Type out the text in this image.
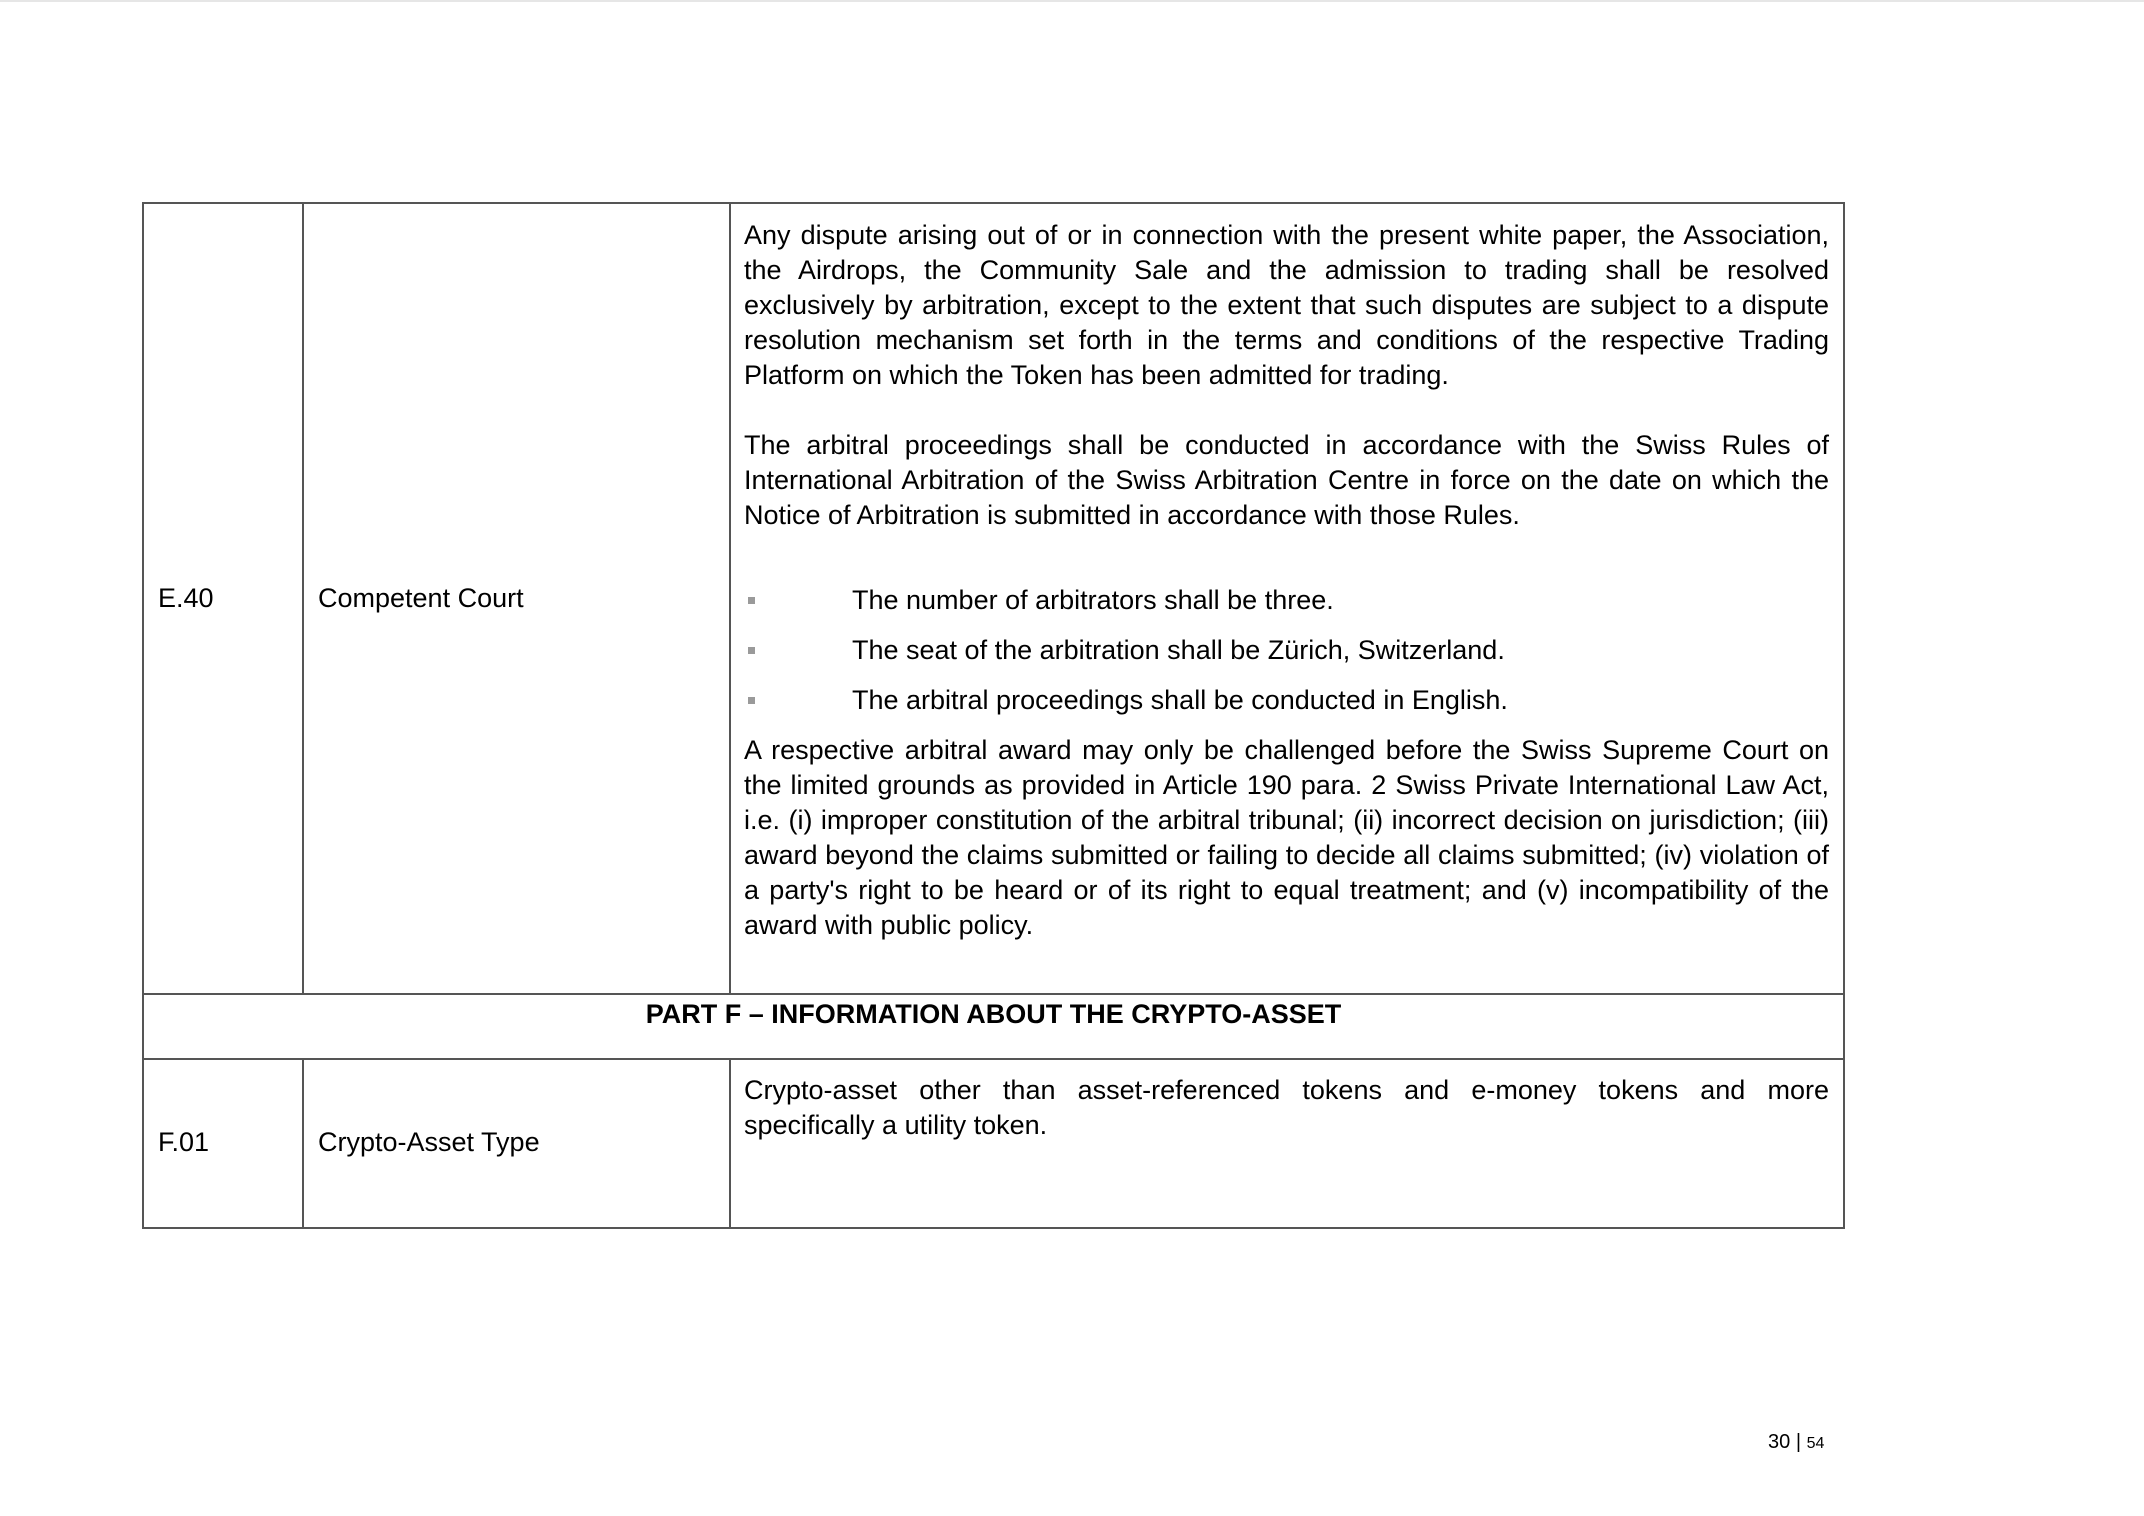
E.40	Competent Court
Any dispute arising out of or in connection with the present white paper, the Association, the Airdrops, the Community Sale and the admission to trading shall be resolved exclusively by arbitration, except to the extent that such disputes are subject to a dispute resolution mechanism set forth in the terms and conditions of the respective Trading Platform on which the Token has been admitted for trading.
The arbitral proceedings shall be conducted in accordance with the Swiss Rules of International Arbitration of the Swiss Arbitration Centre in force on the date on which the Notice of Arbitration is submitted in accordance with those Rules.
The number of arbitrators shall be three.
The seat of the arbitration shall be Zürich, Switzerland.
The arbitral proceedings shall be conducted in English.
A respective arbitral award may only be challenged before the Swiss Supreme Court on the limited grounds as provided in Article 190 para. 2 Swiss Private International Law Act, i.e. (i) improper constitution of the arbitral tribunal; (ii) incorrect decision on jurisdiction; (iii) award beyond the claims submitted or failing to decide all claims submitted; (iv) violation of a party's right to be heard or of its right to equal treatment; and (v) incompatibility of the award with public policy.
PART F – INFORMATION ABOUT THE CRYPTO-ASSET
F.01	Crypto-Asset Type
Crypto-asset other than asset-referenced tokens and e-money tokens and more specifically a utility token.
30 | 54
